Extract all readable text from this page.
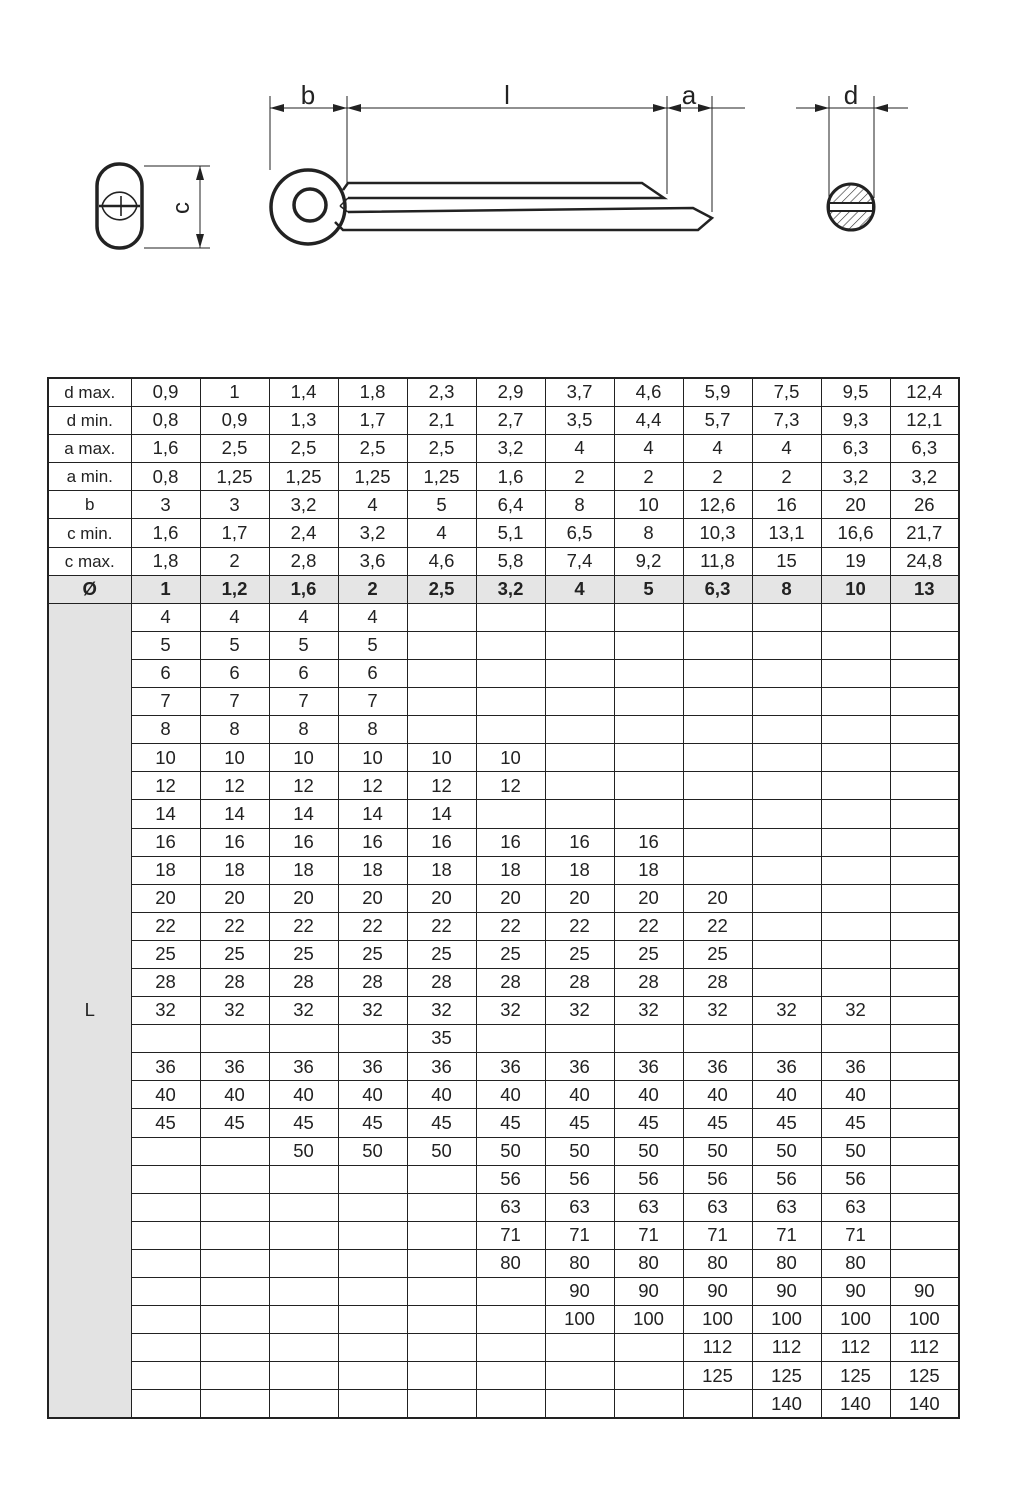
c
b	l	a	d
d max.	0,9	1	1,4	1,8	2,3	2,9	3,7	4,6	5,9	7,5	9,5	12,4
d min.	0,8	0,9	1,3	1,7	2,1	2,7	3,5	4,4	5,7	7,3	9,3	12,1
a max.	1,6	2,5	2,5	2,5	2,5	3,2	4	4	4	4	6,3	6,3
a min.	0,8	1,25	1,25	1,25	1,25	1,6	2	2	2	2	3,2	3,2
b	3	3	3,2	4	5	6,4	8	10	12,6	16	20	26
c min.	1,6	1,7	2,4	3,2	4	5,1	6,5	8	10,3	13,1	16,6	21,7
c max.	1,8	2	2,8	3,6	4,6	5,8	7,4	9,2	11,8	15	19	24,8
Ø	1	1,2	1,6	2	2,5	3,2	4	5	6,3	8	10	13
L	4	4	4	4								
	5	5	5	5								
	6	6	6	6								
	7	7	7	7								
	8	8	8	8								
	10	10	10	10	10	10						
	12	12	12	12	12	12						
	14	14	14	14	14							
	16	16	16	16	16	16	16	16				
	18	18	18	18	18	18	18	18				
	20	20	20	20	20	20	20	20	20			
	22	22	22	22	22	22	22	22	22			
	25	25	25	25	25	25	25	25	25			
	28	28	28	28	28	28	28	28	28			
	32	32	32	32	32	32	32	32	32	32	32	
					35							
	36	36	36	36	36	36	36	36	36	36	36	
	40	40	40	40	40	40	40	40	40	40	40	
	45	45	45	45	45	45	45	45	45	45	45	
			50	50	50	50	50	50	50	50	50	
						56	56	56	56	56	56	
						63	63	63	63	63	63	
						71	71	71	71	71	71	
						80	80	80	80	80	80	
							90	90	90	90	90	90
							100	100	100	100	100	100
									112	112	112	112
									125	125	125	125
										140	140	140
